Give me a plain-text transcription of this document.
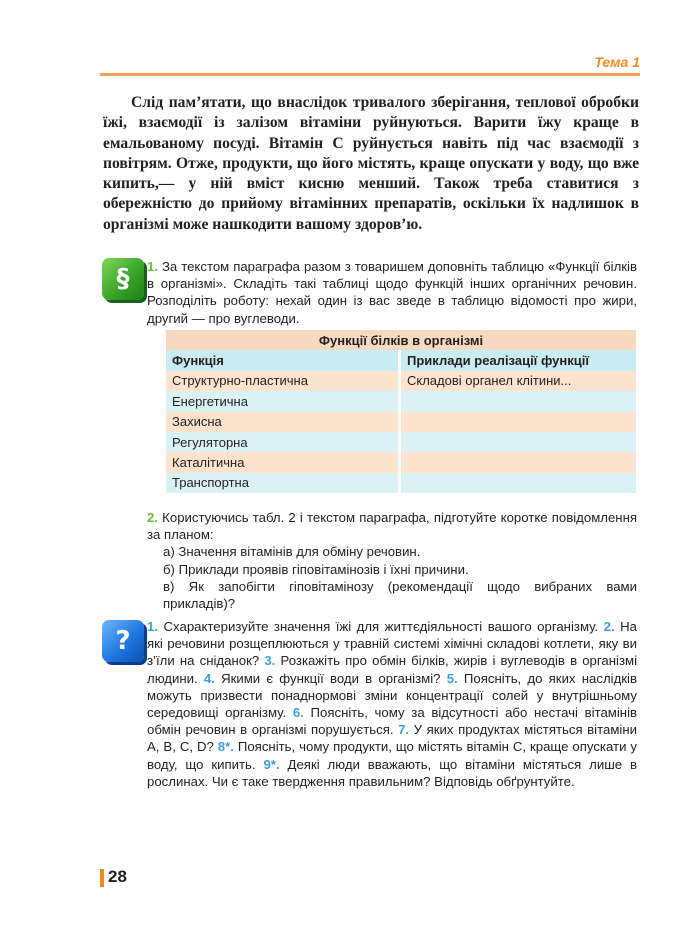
Тема 1

Слід пам’ятати, що внаслідок тривалого зберігання, теплової обробки їжі, взаємодії із залізом вітаміни руйнуються. Варити їжу краще в емальованому посуді. Вітамін С руйнується навіть під час взаємодії з повітрям. Отже, продукти, що його містять, краще опускати у воду, що вже кипить,— у ній вміст кисню менший. Також треба ставитися з обережністю до прийому вітамінних препаратів, оскільки їх надлишок в організмі може нашкодити вашому здоров’ю.

§	1. За текстом параграфа разом з товаришем доповніть таблицю «Функції білків в організмі». Складіть такі таблиці щодо функцій інших органічних речовин. Розподіліть роботу: нехай один із вас зведе в таблицю відомості про жири, другий — про вуглеводи.

Функції білків в організмі	
Функція	Приклади реалізації функції
Структурно-пластична	Складові органел клітини...
Енергетична	
Захисна	
Регуляторна	
Каталітична	
Транспортна	

2. Користуючись табл. 2 і текстом параграфа, підготуйте коротке повідомлення за планом:

а) Значення вітамінів для обміну речовин.

б) Приклади проявів гіповітамінозів і їхні причини.

в) Як запобігти гіповітамінозу (рекомендації щодо вибраних вами прикладів)?

?	1. Схарактеризуйте значення їжі для життєдіяльності вашого організму. 2. На які речовини розщеплюються у травній системі хімічні складові котлети, яку ви з’їли на сніданок? 3. Розкажіть про обмін білків, жирів і вуглеводів в організмі людини. 4. Якими є функції води в організмі? 5. Поясніть, до яких наслідків можуть призвести понаднормові зміни концентрації солей у внутрішньому середовищі організму. 6. Поясніть, чому за відсутності або нестачі вітамінів обмін речовин в організмі порушується. 7. У яких продуктах містяться вітаміни А, В, С, D? 8*. Поясніть, чому продукти, що містять вітамін С, краще опускати у воду, що кипить. 9*. Деякі люди вважають, що вітаміни містяться лише в рослинах. Чи є таке твердження правильним? Відповідь обґрунтуйте.

28
